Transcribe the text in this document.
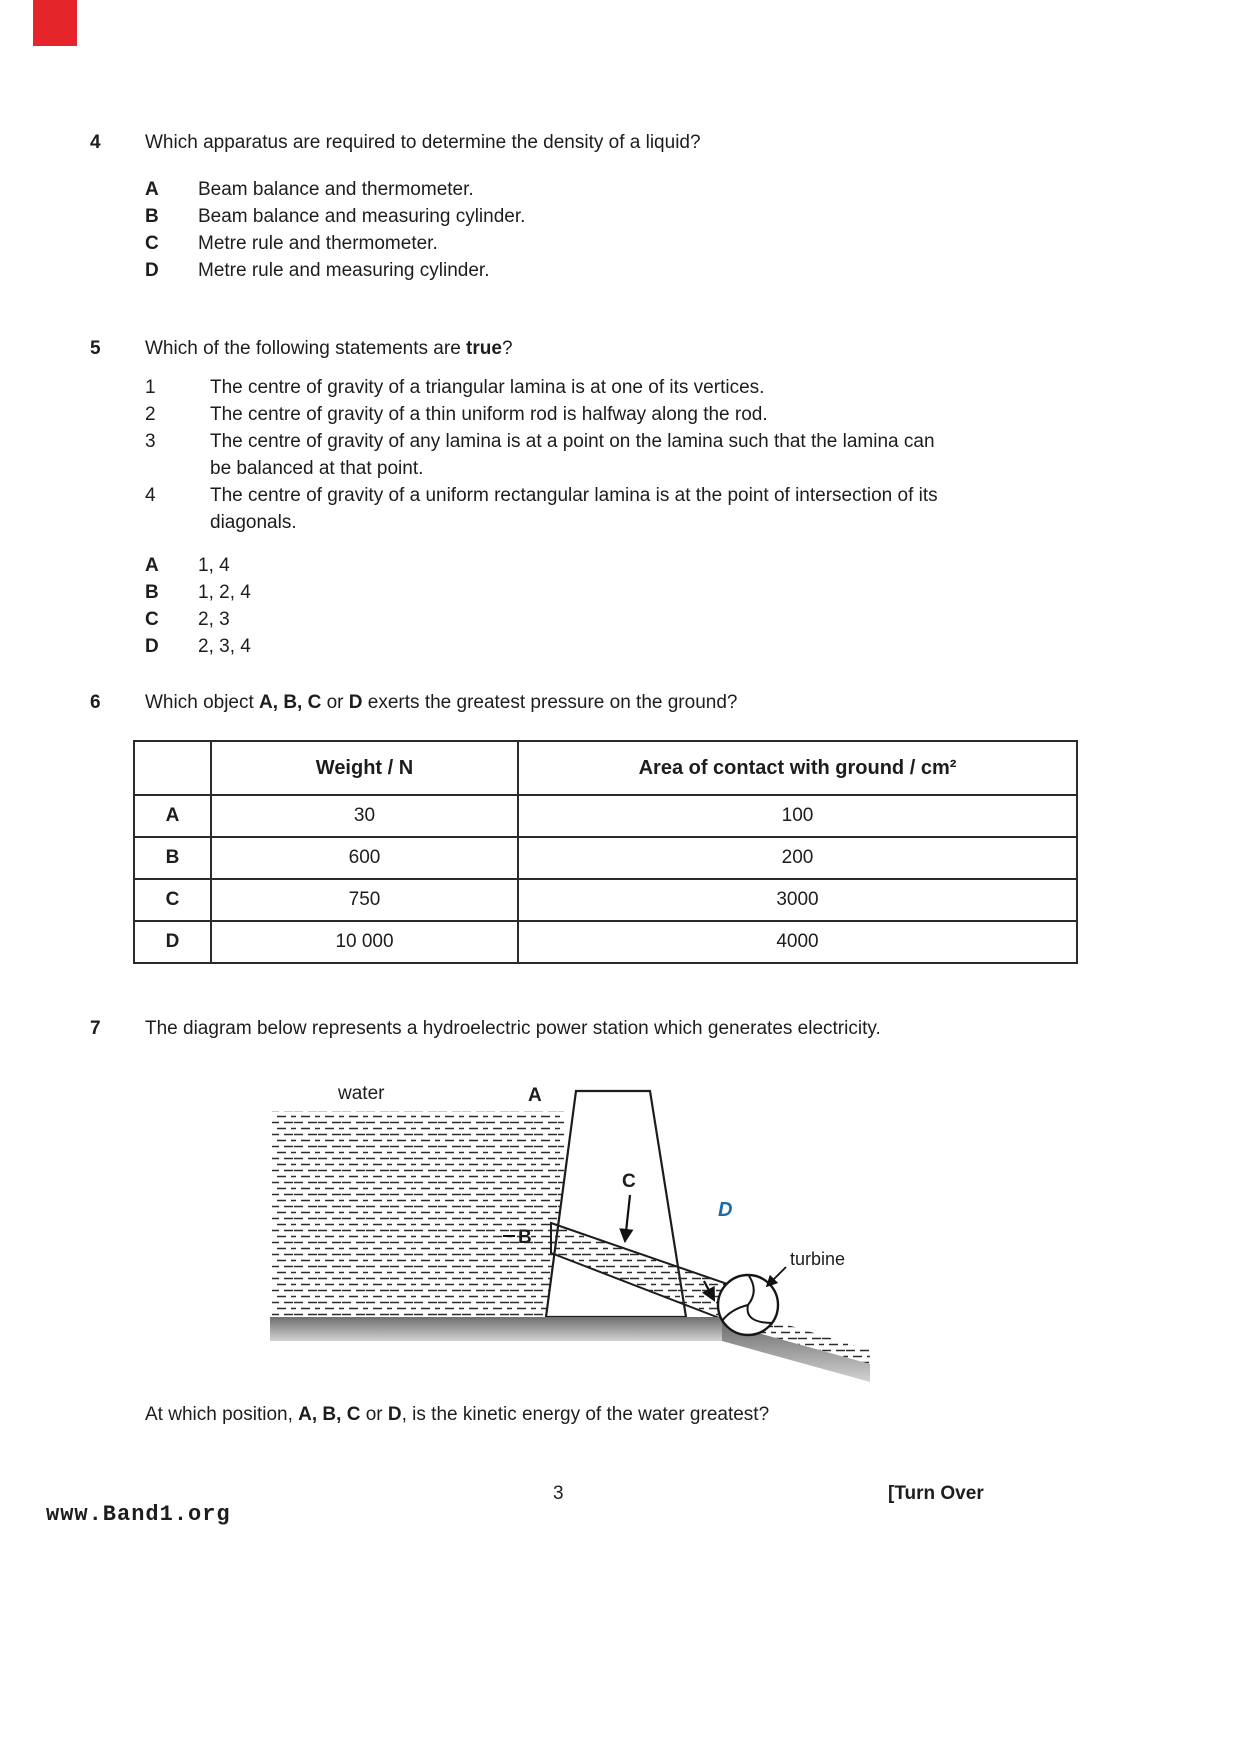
4	Which apparatus are required to determine the density of a liquid?
A	Beam balance and thermometer.
B	Beam balance and measuring cylinder.
C	Metre rule and thermometer.
D	Metre rule and measuring cylinder.
5	Which of the following statements are true?
1	The centre of gravity of a triangular lamina is at one of its vertices.
2	The centre of gravity of a thin uniform rod is halfway along the rod.
3	The centre of gravity of any lamina is at a point on the lamina such that the lamina can be balanced at that point.
4	The centre of gravity of a uniform rectangular lamina is at the point of intersection of its diagonals.
A	1, 4
B	1, 2, 4
C	2, 3
D	2, 3, 4
6	Which object A, B, C or D exerts the greatest pressure on the ground?
	Weight / N	Area of contact with ground / cm²
A	30	100
B	600	200
C	750	3000
D	10 000	4000
7	The diagram below represents a hydroelectric power station which generates electricity.
water	A
B
C
D
turbine
At which position, A, B, C or D, is the kinetic energy of the water greatest?
3	[Turn Over
www.Band1.org
